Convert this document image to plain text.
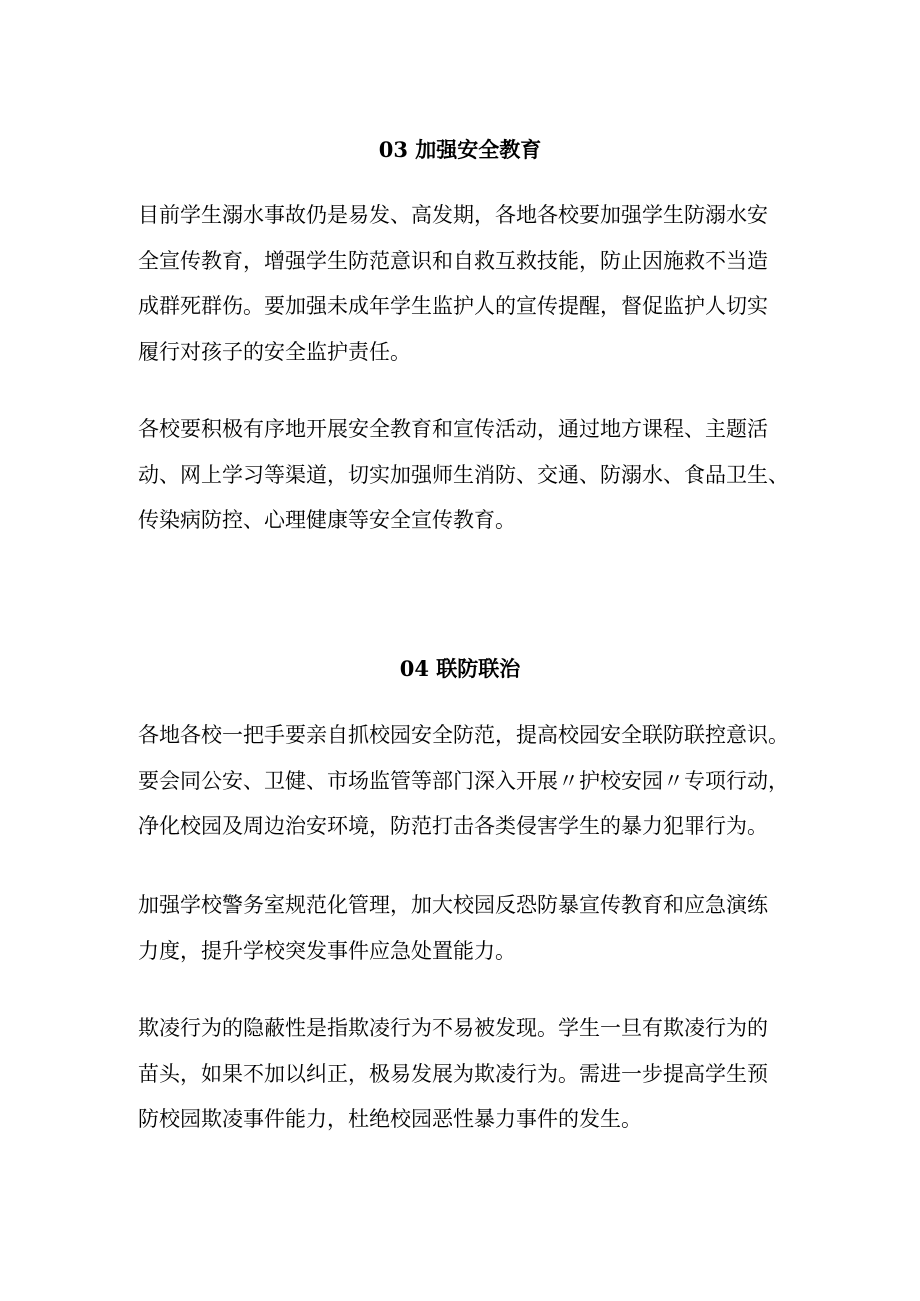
03 加强安全教育

目前学生溺水事故仍是易发、高发期，各地各校要加强学生防溺水安
全宣传教育，增强学生防范意识和自救互救技能，防止因施救不当造
成群死群伤。要加强未成年学生监护人的宣传提醒，督促监护人切实
履行对孩子的安全监护责任。

各校要积极有序地开展安全教育和宣传活动，通过地方课程、主题活
动、网上学习等渠道，切实加强师生消防、交通、防溺水、食品卫生、
传染病防控、心理健康等安全宣传教育。

04 联防联治

各地各校一把手要亲自抓校园安全防范，提高校园安全联防联控意识。
要会同公安、卫健、市场监管等部门深入开展〃护校安园〃专项行动，
净化校园及周边治安环境，防范打击各类侵害学生的暴力犯罪行为。

加强学校警务室规范化管理，加大校园反恐防暴宣传教育和应急演练
力度，提升学校突发事件应急处置能力。

欺凌行为的隐蔽性是指欺凌行为不易被发现。学生一旦有欺凌行为的
苗头，如果不加以纠正，极易发展为欺凌行为。需进一步提高学生预
防校园欺凌事件能力，杜绝校园恶性暴力事件的发生。
